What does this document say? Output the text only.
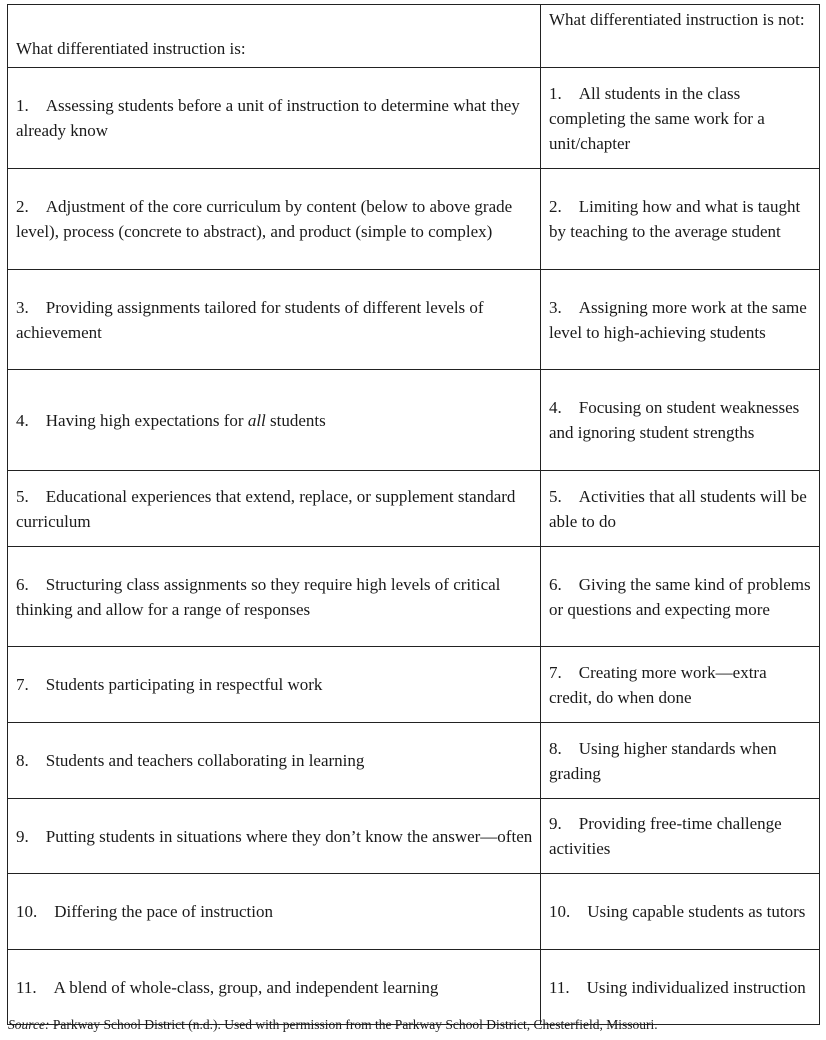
What differentiated instruction is:	What differentiated instruction is not:
1. Assessing students before a unit of instruction to determine what they already know	1. All students in the class completing the same work for a unit/chapter
2. Adjustment of the core curriculum by content (below to above grade level), process (concrete to abstract), and product (simple to complex)	2. Limiting how and what is taught by teaching to the average student
3. Providing assignments tailored for students of different levels of achievement	3. Assigning more work at the same level to high-achieving students
4. Having high expectations for all students	4. Focusing on student weaknesses and ignoring student strengths
5. Educational experiences that extend, replace, or supplement standard curriculum	5. Activities that all students will be able to do
6. Structuring class assignments so they require high levels of critical thinking and allow for a range of responses	6. Giving the same kind of problems or questions and expecting more
7. Students participating in respectful work	7. Creating more work—extra credit, do when done
8. Students and teachers collaborating in learning	8. Using higher standards when grading
9. Putting students in situations where they don’t know the answer—often	9. Providing free-time challenge activities
10. Differing the pace of instruction	10. Using capable students as tutors
11. A blend of whole-class, group, and independent learning	11. Using individualized instruction
Source: Parkway School District (n.d.). Used with permission from the Parkway School District, Chesterfield, Missouri.
